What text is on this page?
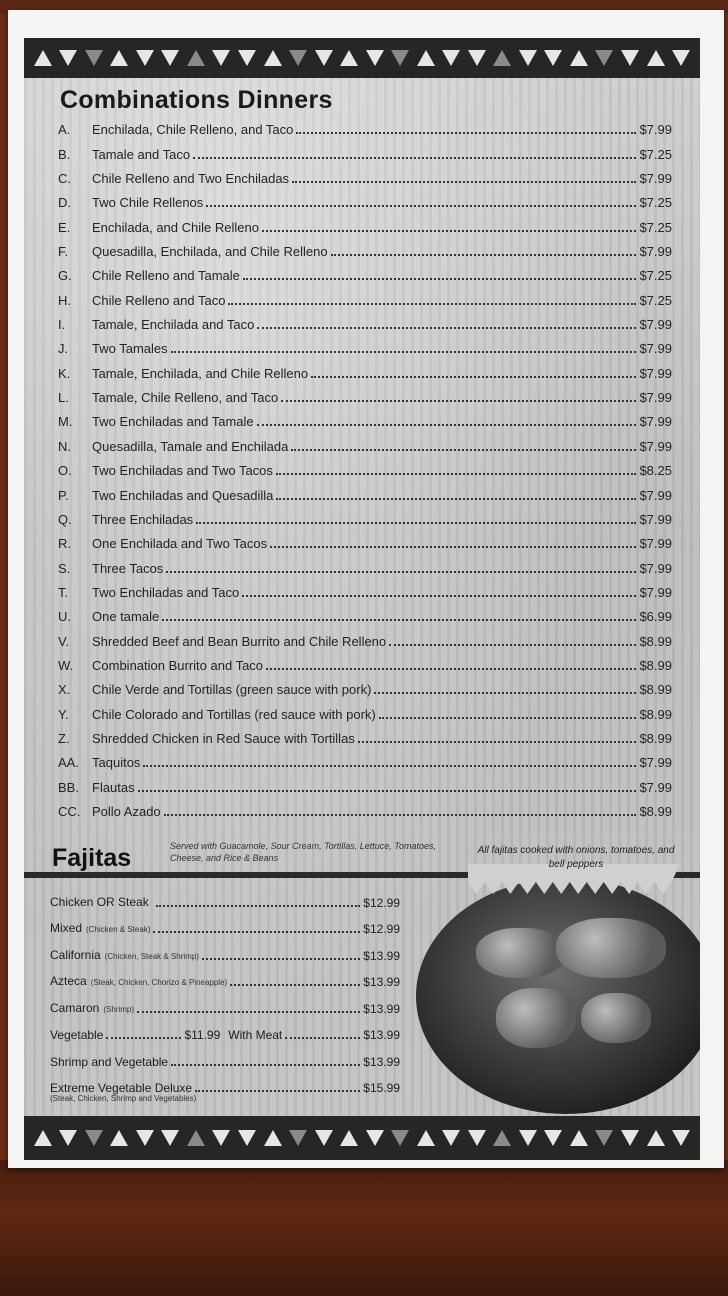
Combinations Dinners
A.	Enchilada, Chile Relleno, and Taco	$7.99
B.	Tamale and Taco	$7.25
C.	Chile Relleno and Two Enchiladas	$7.99
D.	Two Chile Rellenos	$7.25
E.	Enchilada, and Chile Relleno	$7.25
F.	Quesadilla, Enchilada, and Chile Relleno	$7.99
G.	Chile Relleno and Tamale	$7.25
H.	Chile Relleno and Taco	$7.25
I.	Tamale, Enchilada and Taco	$7.99
J.	Two Tamales	$7.99
K.	Tamale, Enchilada, and Chile Relleno	$7.99
L.	Tamale, Chile Relleno, and Taco	$7.99
M.	Two Enchiladas and Tamale	$7.99
N.	Quesadilla, Tamale and Enchilada	$7.99
O.	Two Enchiladas and Two Tacos	$8.25
P.	Two Enchiladas and Quesadilla	$7.99
Q.	Three Enchiladas	$7.99
R.	One Enchilada and Two Tacos	$7.99
S.	Three Tacos	$7.99
T.	Two Enchiladas and Taco	$7.99
U.	One tamale	$6.99
V.	Shredded Beef and Bean Burrito and Chile Relleno	$8.99
W.	Combination Burrito and Taco	$8.99
X.	Chile Verde and Tortillas (green sauce with pork)	$8.99
Y.	Chile Colorado and Tortillas (red sauce with pork)	$8.99
Z.	Shredded Chicken in Red Sauce with Tortillas	$8.99
AA.	Taquitos	$7.99
BB.	Flautas	$7.99
CC. Pollo Azado	$8.99
Fajitas	Served with Guacamole, Sour Cream, Tortillas, Lettuce, Tomatoes, Cheese, and Rice & Beans
All fajitas cooked with onions, tomatoes, and bell peppers
Chicken OR Steak	$12.99
Mixed (Chicken & Steak)	$12.99
California (Chicken, Steak & Shrimp)	$13.99
Azteca (Steak, Chicken, Chorizo & Pineapple)	$13.99
Camaron (Shrimp)	$13.99
Vegetable	$11.99 With Meat	$13.99
Shrimp and Vegetable	$13.99
Extreme Vegetable Deluxe	$15.99
(Steak, Chicken, Shrimp and Vegetables)
